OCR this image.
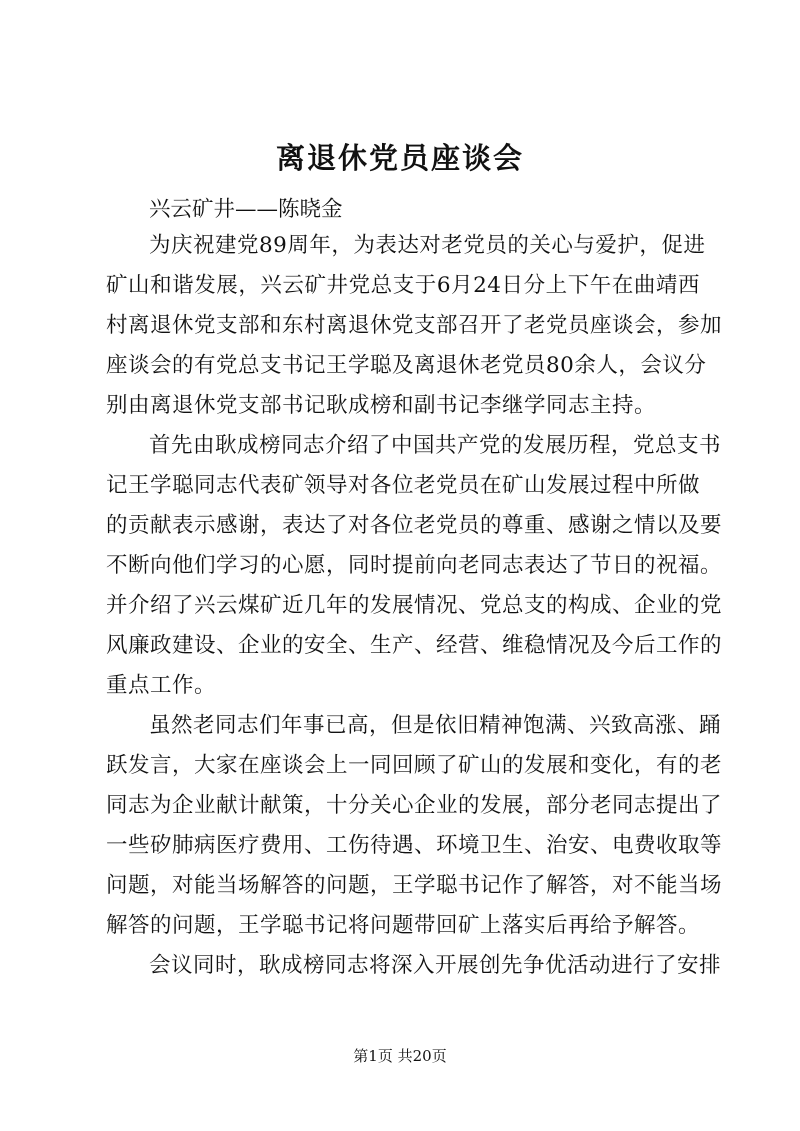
离退休党员座谈会

兴云矿井——陈晓金

为庆祝建党89周年，为表达对老党员的关心与爱护，促进
矿山和谐发展，兴云矿井党总支于6月24日分上下午在曲靖西
村离退休党支部和东村离退休党支部召开了老党员座谈会，参加
座谈会的有党总支书记王学聪及离退休老党员80余人，会议分
别由离退休党支部书记耿成榜和副书记李继学同志主持。
首先由耿成榜同志介绍了中国共产党的发展历程，党总支书
记王学聪同志代表矿领导对各位老党员在矿山发展过程中所做
的贡献表示感谢，表达了对各位老党员的尊重、感谢之情以及要
不断向他们学习的心愿，同时提前向老同志表达了节日的祝福。
并介绍了兴云煤矿近几年的发展情况、党总支的构成、企业的党
风廉政建设、企业的安全、生产、经营、维稳情况及今后工作的
重点工作。
虽然老同志们年事已高，但是依旧精神饱满、兴致高涨、踊
跃发言，大家在座谈会上一同回顾了矿山的发展和变化，有的老
同志为企业献计献策，十分关心企业的发展，部分老同志提出了
一些矽肺病医疗费用、工伤待遇、环境卫生、治安、电费收取等
问题，对能当场解答的问题，王学聪书记作了解答，对不能当场
解答的问题，王学聪书记将问题带回矿上落实后再给予解答。
会议同时，耿成榜同志将深入开展创先争优活动进行了安排
第1页 共20页
